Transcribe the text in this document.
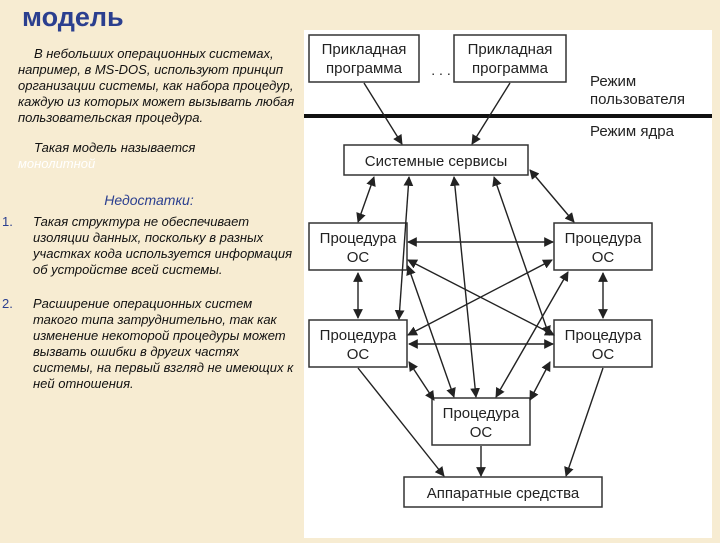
модель

В небольших операционных системах, например, в MS-DOS, используют принцип организации системы, как набора процедур, каждую из которых может вызывать любая пользовательская процедура.

Такая модель называется

монолитной

Недостатки:

1. Такая структура не обеспечивает изоляции данных, поскольку в разных участках кода используется информация об устройстве всей системы.
2. Расширение операционных систем такого типа затруднительно, так как изменение некоторой процедуры может вызвать ошибки в других частях системы, на первый взгляд не имеющих к ней отношения.
Прикладная
программа . . .
Прикладная
программа
Режим
пользователя
Режим ядра
Системные сервисы
Процедура
ОС
Процедура
ОС
Процедура
ОС
Процедура
ОС
Процедура
ОС
Аппаратные средства
